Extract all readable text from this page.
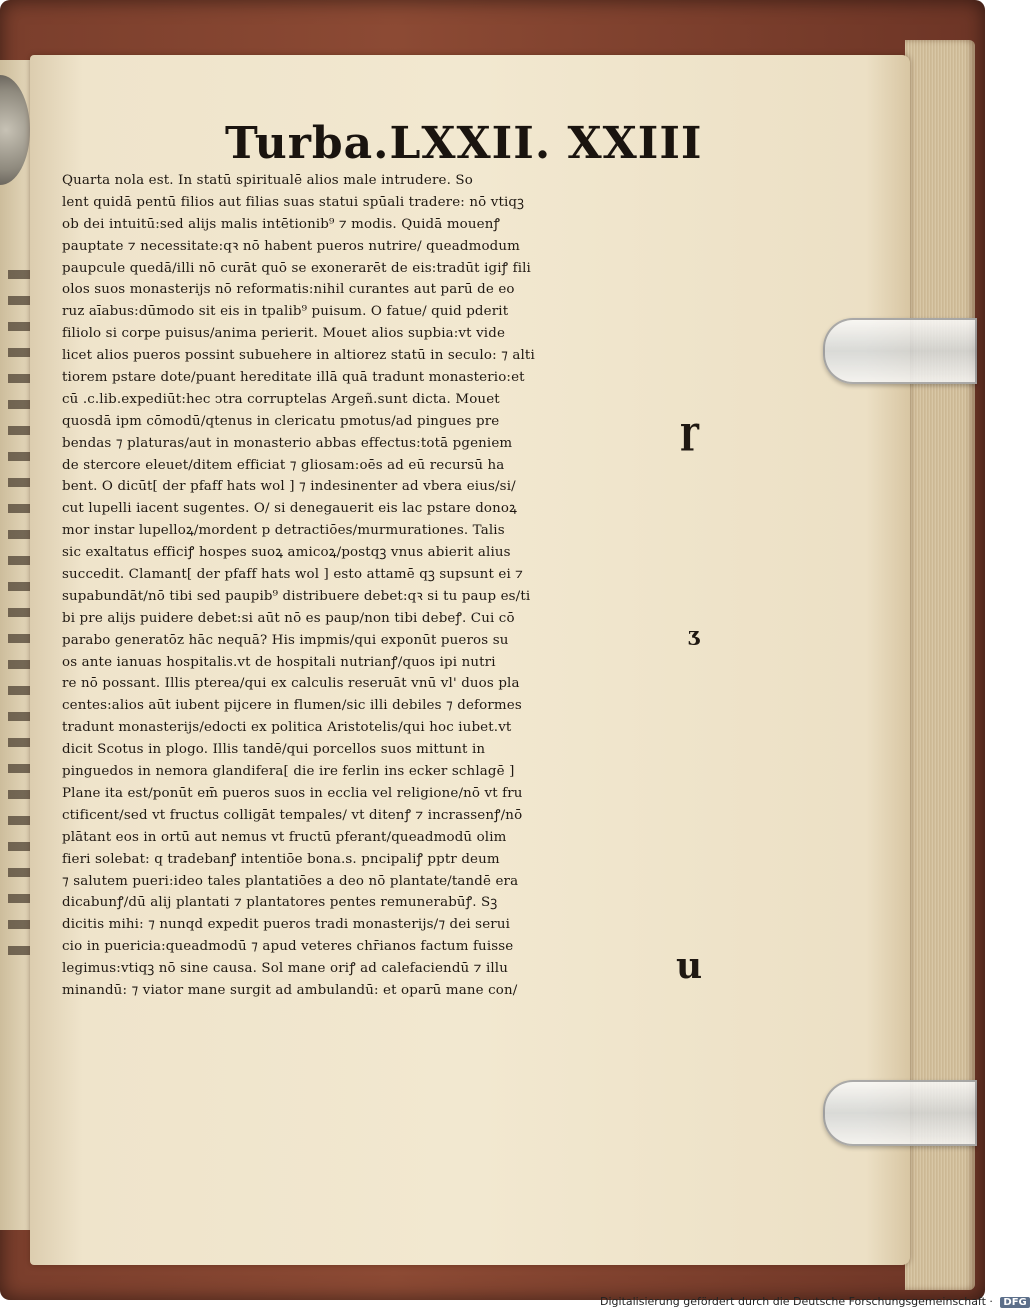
Turba.LXXII. XXIII
Quarta nola est. In statū spiritualē alios male intrudere. So
lent quidā pentū filios aut filias suas statui spūali tradere: nō vtiqꝫ
ob dei intuitū:sed alijs malis intētionib⁹ ⁊ modis. Quidā mouenꝭ
pauptate ⁊ necessitate:qꝛ nō habent pueros nutrire/ queadmodum
paupcule quedā/illi nō curāt quō se exonerarēt de eis:tradūt igiꝭ fili
olos suos monasterijs nō reformatis:nihil curantes aut parū de eo
ruz aīabus:dūmodo sit eis in tpalib⁹ puisum. O fatue/ quid pderit
filiolo si corpe puisus/anima perierit. Mouet alios supbia:vt vide
licet alios pueros possint subuehere in altiorez statū in seculo: ⁊ alti
tiorem pstare dote/puant hereditate illā quā tradunt monasterio:et
cū .c.lib.expediūt:hec ↄtra corruptelas Argeñ.sunt dicta. Mouet
quosdā ipm cōmodū/qtenus in clericatu pmotus/ad pingues pre
bendas ⁊ platuras/aut in monasterio abbas effectus:totā pgeniem
de stercore eleuet/ditem efficiat ⁊ gliosam:oēs ad eū recursū ha
bent. O dicūt[ der pfaff hats wol ] ⁊ indesinenter ad vbera eius/si/
cut lupelli iacent sugentes. O/ si denegauerit eis lac pstare donoꝝ
mor instar lupelloꝝ/mordent p detractiōes/murmurationes. Talis
sic exaltatus efficiꝭ hospes suoꝝ amicoꝝ/postqꝫ vnus abierit alius
succedit. Clamant[ der pfaff hats wol ] esto attamē qꝫ supsunt ei ⁊
supabundāt/nō tibi sed paupib⁹ distribuere debet:qꝛ si tu paup es/ti
bi pre alijs puidere debet:si aūt nō es paup/non tibi debeꝭ. Cui cō
parabo generatōz hāc nequā? His impmis/qui exponūt pueros su
os ante ianuas hospitalis.vt de hospitali nutrianꝭ/quos ipi nutri
re nō possant. Illis pterea/qui ex calculis reseruāt vnū vl' duos pla
centes:alios aūt iubent pijcere in flumen/sic illi debiles ⁊ deformes
tradunt monasterijs/edocti ex politica Aristotelis/qui hoc iubet.vt
dicit Scotus in plogo. Illis tandē/qui porcellos suos mittunt in
pinguedos in nemora glandifera[ die ire ferlin ins ecker schlagē ]
Plane ita est/ponūt em̄ pueros suos in ecclia vel religione/nō vt fru
ctificent/sed vt fructus colligāt tempales/ vt ditenꝭ ⁊ incrassenꝭ/nō
plātant eos in ortū aut nemus vt fructū pferant/queadmodū olim
fieri solebat: q tradebanꝭ intentiōe bona.s. pncipaliꝭ pptr deum
⁊ salutem pueri:ideo tales plantatiōes a deo nō plantate/tandē era
dicabunꝭ/dū alij plantati ⁊ plantatores pentes remunerabūꝭ. Sꝫ
dicitis mihi: ⁊ nunqd expedit pueros tradi monasterijs/⁊ dei serui
cio in puericia:queadmodū ⁊ apud veteres chr̄ianos factum fuisse
legimus:vtiqꝫ nō sine causa. Sol mane oriꝭ ad calefaciendū ⁊ illu
minandū: ⁊ viator mane surgit ad ambulandū: et oparū mane con/
ɼ
ʒ
u
Digitalisierung gefördert durch die Deutsche Forschungsgemeinschaft · DFG
